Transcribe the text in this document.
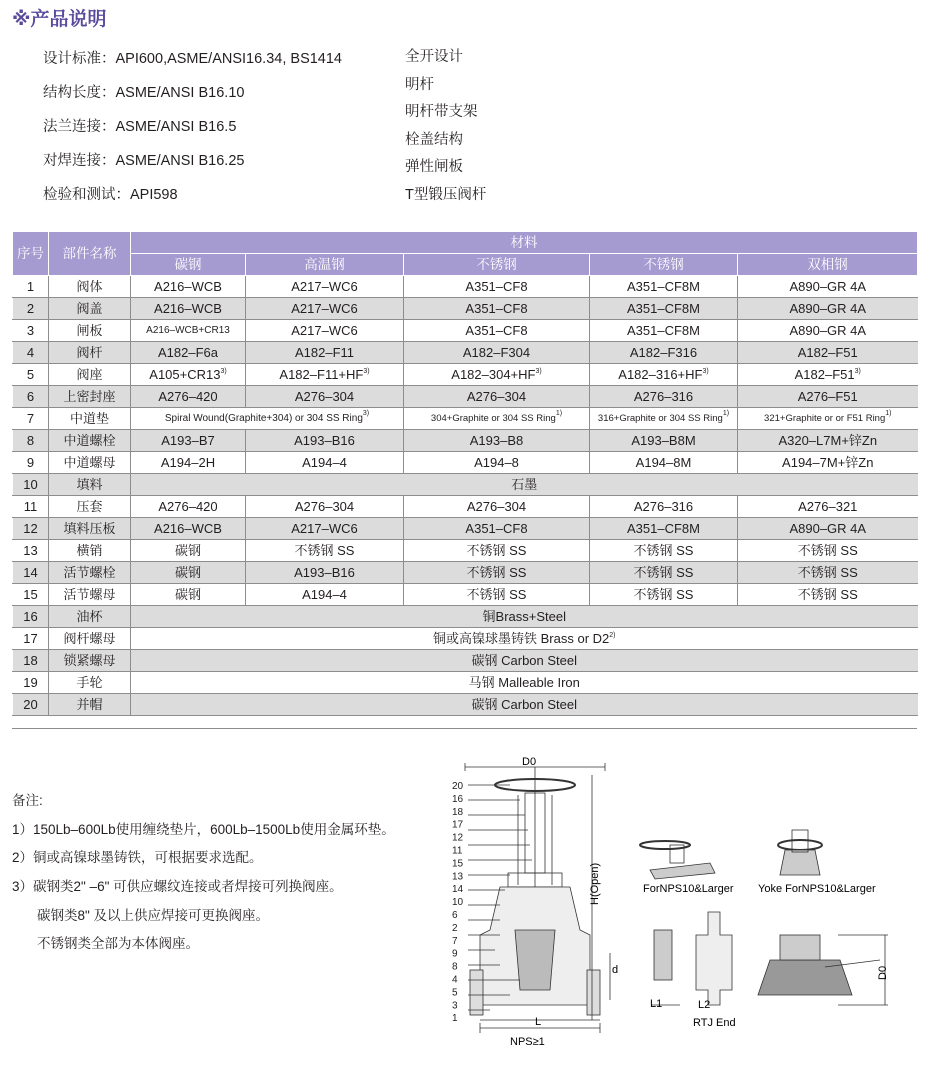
※产品说明
设计标准：API600,ASME/ANSI16.34, BS1414
结构长度：ASME/ANSI B16.10
法兰连接：ASME/ANSI B16.5
对焊连接：ASME/ANSI B16.25
检验和测试：API598
全开设计
明杆
明杆带支架
栓盖结构
弹性闸板
T型锻压阀杆
序号	部件名称	材料				
		碳钢	高温钢	不锈钢	不锈钢	双相钢
1	阀体	A216–WCB	A217–WC6	A351–CF8	A351–CF8M	A890–GR 4A
2	阀盖	A216–WCB	A217–WC6	A351–CF8	A351–CF8M	A890–GR 4A
3	闸板	A216–WCB+CR13	A217–WC6	A351–CF8	A351–CF8M	A890–GR 4A
4	阀杆	A182–F6a	A182–F11	A182–F304	A182–F316	A182–F51
5	阀座	$A105+CR13^{3)}$	$A182-F11+HF^{3)}$	$A182-304+HF^{3)}$	$A182-316+HF^{3)}$	A182–F51$^{3)}$
6	上密封座	A276–420	A276–304	A276–304	A276–316	A276–F51
7	中道垫	Spiral Wound(Graphite+304) or 304 SS Ring$^{3)}$		304+Graphite or 304 SS Ring$^{1)}$	316+Graphite or 304 SS Ring$^{1)}$	321+Graphite or or F51 Ring$^{1)}$
8	中道螺栓	A193–B7	A193–B16	A193–B8	A193–B8M	A320–L7M+锌Zn
9	中道螺母	A194–2H	A194–4	A194–8	A194–8M	A194–7M+锌Zn
10	填料	石墨				
11	压套	A276–420	A276–304	A276–304	A276–316	A276–321
12	填料压板	A216–WCB	A217–WC6	A351–CF8	A351–CF8M	A890–GR 4A
13	横销	碳钢	不锈钢 SS	不锈钢 SS	不锈钢 SS	不锈钢 SS
14	活节螺栓	碳钢	A193–B16	不锈钢 SS	不锈钢 SS	不锈钢 SS
15	活节螺母	碳钢	A194–4	不锈钢 SS	不锈钢 SS	不锈钢 SS
16	油杯	铜Brass+Steel				
17	阀杆螺母	铜或高镍球墨铸铁 Brass or D2$^{2)}$
18	锁紧螺母	碳钢 Carbon Steel				
19	手轮	马钢 Malleable Iron				
20	并帽	碳钢 Carbon Steel				
备注:
1）150Lb–600Lb使用缠绕垫片，600Lb–1500Lb使用金属环垫。
2）铜或高镍球墨铸铁，可根据要求选配。
3）碳钢类2" –6" 可供应螺纹连接或者焊接可列换阀座。
碳钢类8" 及以上供应焊接可更换阀座。
不锈钢类全部为本体阀座。
20
16
18
17
12
11
15
13
14
10
6
2
7
9
8
4
5
3
1
D0
H(Open)
d
L
NPS≥1
ForNPS10&Larger Yoke ForNPS10&Larger
L1	L2
RTJ End
D0
